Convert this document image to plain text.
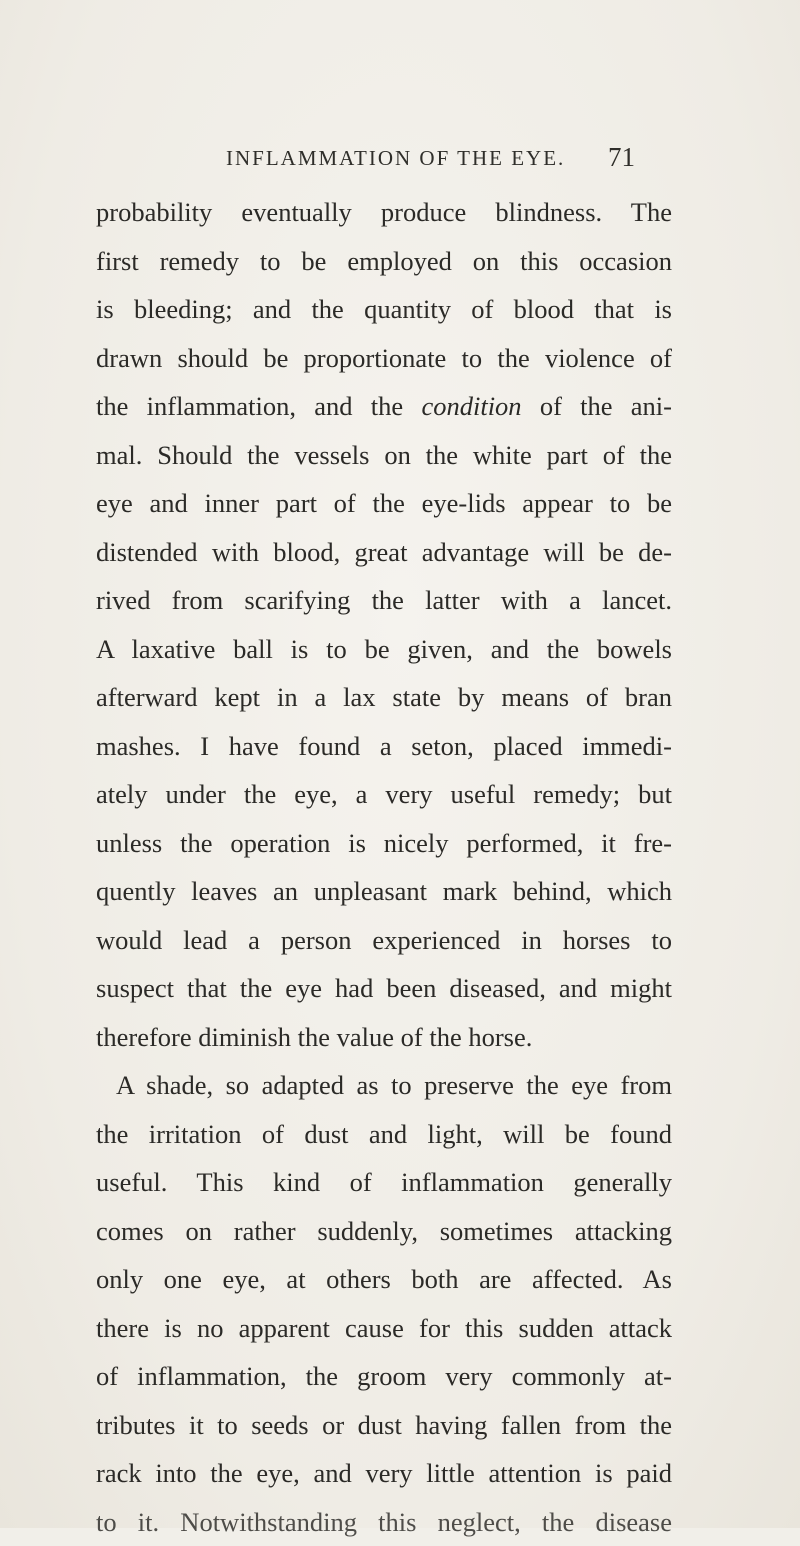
INFLAMMATION OF THE EYE. 71
probability eventually produce blindness. The
first remedy to be employed on this occasion
is bleeding; and the quantity of blood that is
drawn should be proportionate to the violence of
the inflammation, and the condition of the ani-
mal. Should the vessels on the white part of the
eye and inner part of the eye-lids appear to be
distended with blood, great advantage will be de-
rived from scarifying the latter with a lancet.
A laxative ball is to be given, and the bowels
afterward kept in a lax state by means of bran
mashes. I have found a seton, placed immedi-
ately under the eye, a very useful remedy; but
unless the operation is nicely performed, it fre-
quently leaves an unpleasant mark behind, which
would lead a person experienced in horses to
suspect that the eye had been diseased, and might
therefore diminish the value of the horse.
A shade, so adapted as to preserve the eye from
the irritation of dust and light, will be found
useful. This kind of inflammation generally
comes on rather suddenly, sometimes attacking
only one eye, at others both are affected. As
there is no apparent cause for this sudden attack
of inflammation, the groom very commonly at-
tributes it to seeds or dust having fallen from the
rack into the eye, and very little attention is paid
to it. Notwithstanding this neglect, the disease
